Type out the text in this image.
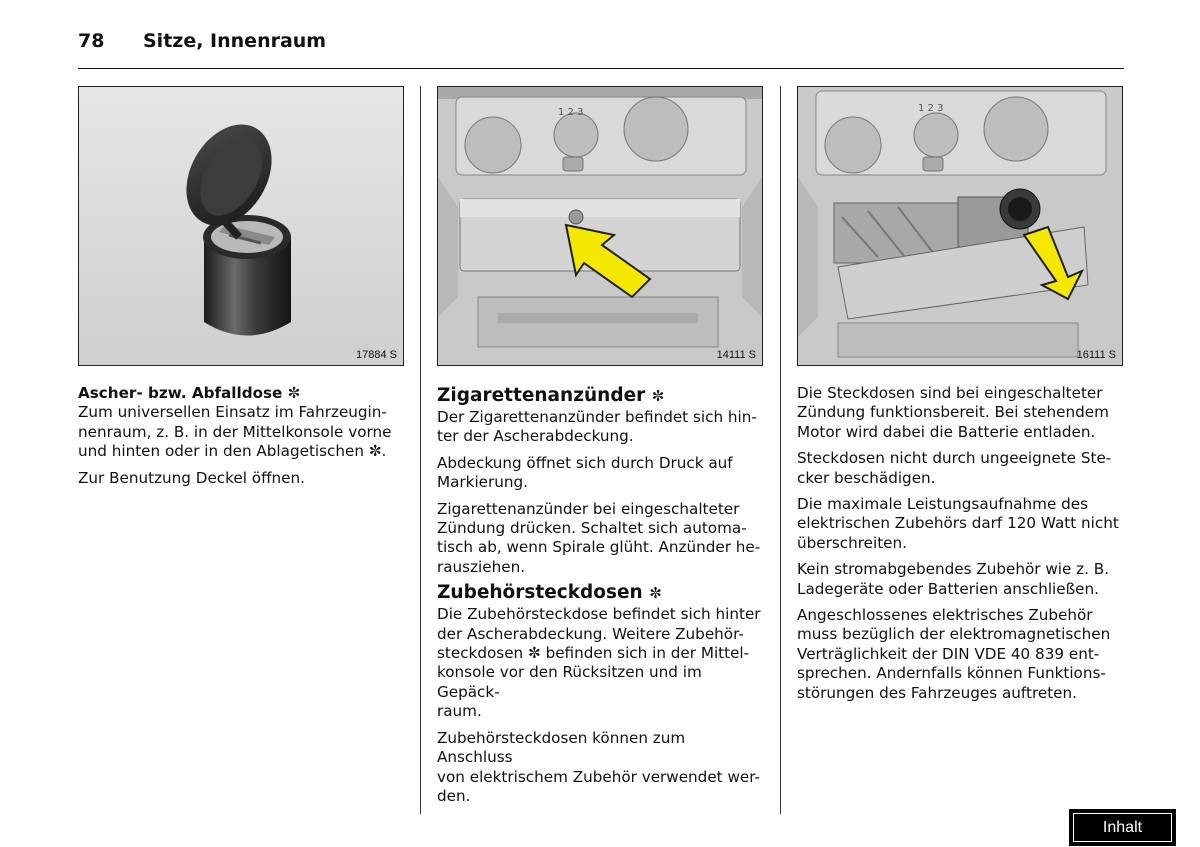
78 Sitze, Innenraum
17884 S
1 2 3
14111 S
1 2 3
16111 S
Ascher- bzw. Abfalldose ✼

Zum universellen Einsatz im Fahrzeugin-
nenraum, z. B. in der Mittelkonsole vorne
und hinten oder in den Ablagetischen ✼.

Zur Benutzung Deckel öffnen.

Zigarettenanzünder ✼

Der Zigarettenanzünder befindet sich hin-
ter der Ascherabdeckung.

Abdeckung öffnet sich durch Druck auf
Markierung.

Zigarettenanzünder bei eingeschalteter
Zündung drücken. Schaltet sich automa-
tisch ab, wenn Spirale glüht. Anzünder he-
rausziehen.

Zubehörsteckdosen ✼

Die Zubehörsteckdose befindet sich hinter
der Ascherabdeckung. Weitere Zubehör-
steckdosen ✼ befinden sich in der Mittel-
konsole vor den Rücksitzen und im Gepäck-
raum.

Zubehörsteckdosen können zum Anschluss
von elektrischem Zubehör verwendet wer-
den.

Die Steckdosen sind bei eingeschalteter
Zündung funktionsbereit. Bei stehendem
Motor wird dabei die Batterie entladen.

Steckdosen nicht durch ungeeignete Ste-
cker beschädigen.

Die maximale Leistungsaufnahme des
elektrischen Zubehörs darf 120 Watt nicht
überschreiten.

Kein stromabgebendes Zubehör wie z. B.
Ladegeräte oder Batterien anschließen.

Angeschlossenes elektrisches Zubehör
muss bezüglich der elektromagnetischen
Verträglichkeit der DIN VDE 40 839 ent-
sprechen. Andernfalls können Funktions-
störungen des Fahrzeuges auftreten.

Inhalt
